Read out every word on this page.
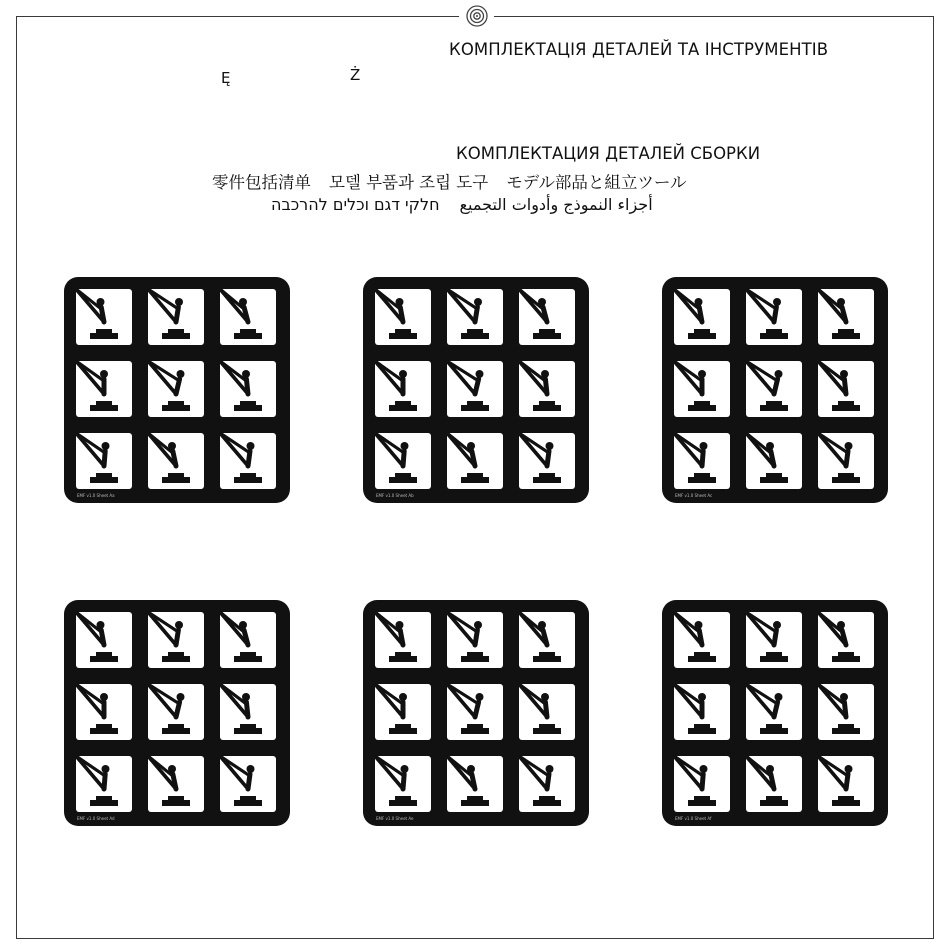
КОМПЛЕКТАЦІЯ ДЕТАЛЕЙ ТА ІНСТРУМЕНТІВ
Ę	Ż
КОМПЛЕКТАЦИЯ ДЕТАЛЕЙ СБОРКИ
零件包括清单 모델 부품과 조립 도구 モデル部品と組立ツール
חלקי דגם וכלים להרכבה أجزاء النموذج وأدوات التجميع
EMF v1.0 Sheet Aa	EMF v1.0 Sheet Ab	EMF v1.0 Sheet Ac
EMF v1.0 Sheet Ad	EMF v1.0 Sheet Ae	EMF v1.0 Sheet Af
